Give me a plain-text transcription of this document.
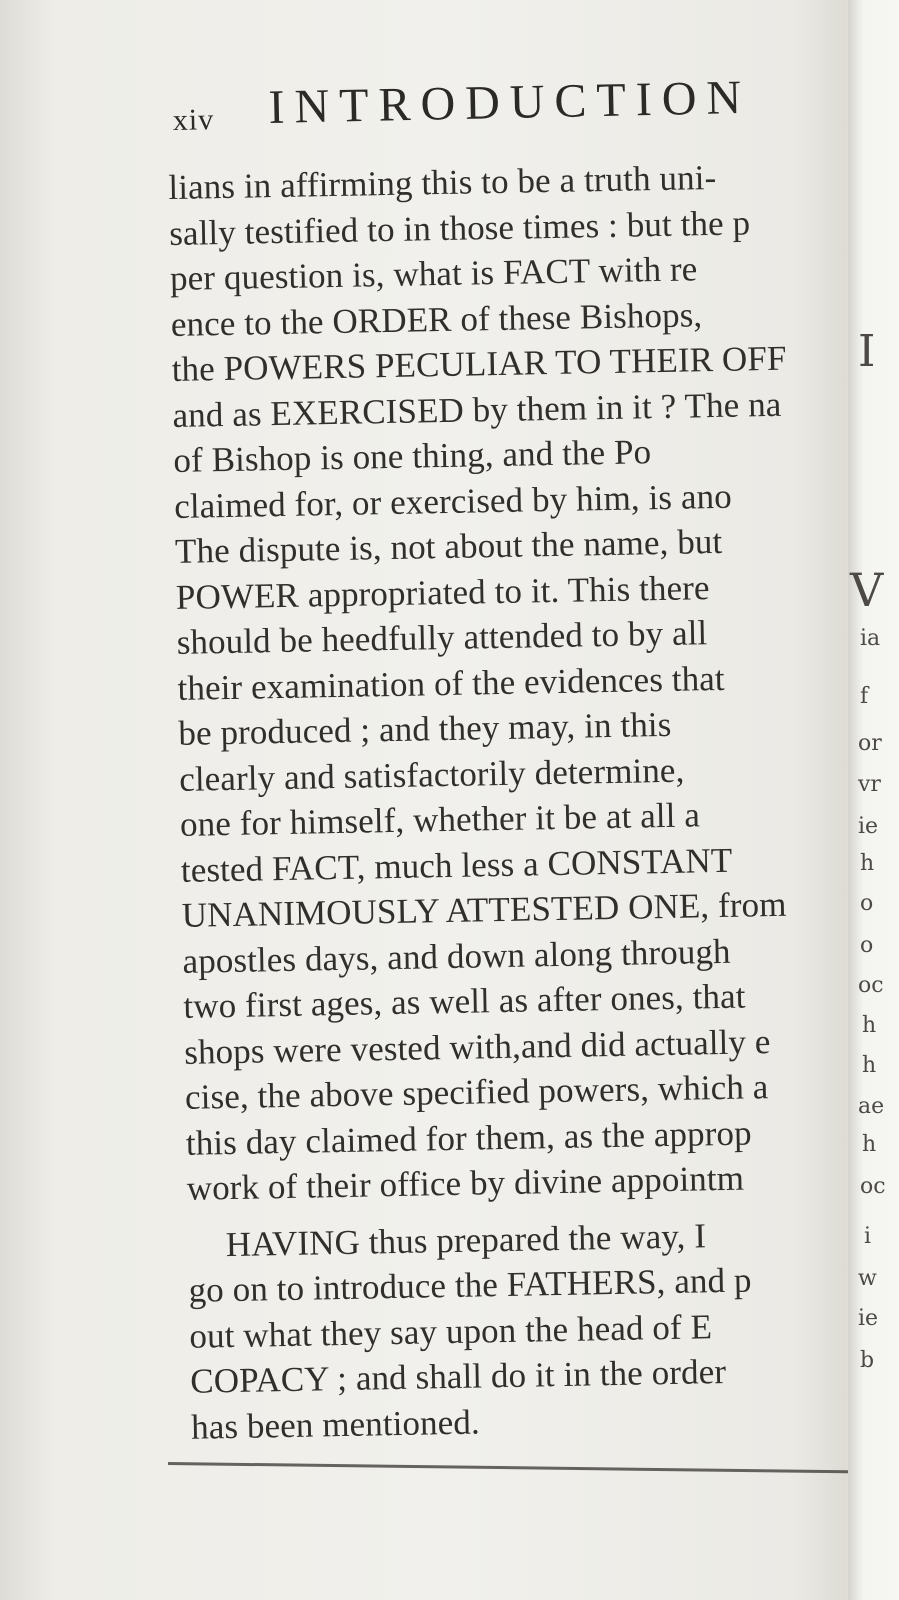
xiv INTRODUCTION
lians in affirming this to be a truth uni-
sally testified to in those times : but the p
per question is, what is FACT with re
ence to the ORDER of these Bishops,
the POWERS PECULIAR TO THEIR OFF
and as EXERCISED by them in it ? The na
of Bishop is one thing, and the Po
claimed for, or exercised by him, is ano
The dispute is, not about the name, but
POWER appropriated to it. This there
should be heedfully attended to by all
their examination of the evidences that
be produced ; and they may, in this
clearly and satisfactorily determine,
one for himself, whether it be at all a
tested FACT, much less a CONSTANT
UNANIMOUSLY ATTESTED ONE, from
apostles days, and down along through
two first ages, as well as after ones, that
shops were vested with,and did actually e
cise, the above specified powers, which a
this day claimed for them, as the approp
work of their office by divine appointm
HAVING thus prepared the way, I
go on to introduce the FATHERS, and p
out what they say upon the head of E
COPACY ; and shall do it in the order
has been mentioned.
I
V
ia
f
or
vr
ie
h
o
o
oc
h
h
ae
h
oc
i
w
ie
b
